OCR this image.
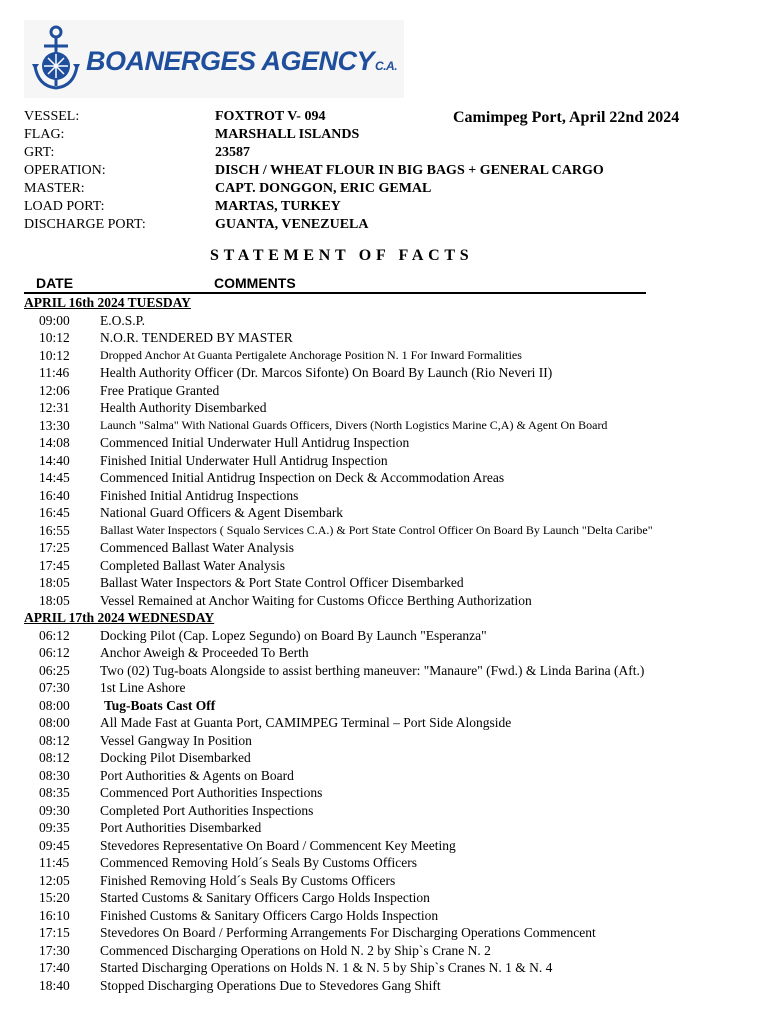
BOANERGES AGENCYC.A.
Camimpeg Port, April 22nd 2024
VESSEL:	FOXTROT V- 094
FLAG:	MARSHALL ISLANDS
GRT:	23587
OPERATION:	DISCH / WHEAT FLOUR IN BIG BAGS + GENERAL CARGO
MASTER:	CAPT. DONGGON, ERIC GEMAL
LOAD PORT:	MARTAS, TURKEY
DISCHARGE PORT:	GUANTA, VENEZUELA
STATEMENT OF FACTS
DATE	COMMENTS
APRIL 16th 2024 TUESDAY
09:00 E.O.S.P.
10:12 N.O.R. TENDERED BY MASTER
10:12	Dropped Anchor At Guanta Pertigalete Anchorage Position N. 1 For Inward Formalities
11:46 Health Authority Officer (Dr. Marcos Sifonte) On Board By Launch (Rio Neveri II)
12:06 Free Pratique Granted
12:31 Health Authority Disembarked
13:30	Launch "Salma" With National Guards Officers, Divers (North Logistics Marine C,A) & Agent On Board
14:08 Commenced Initial Underwater Hull Antidrug Inspection
14:40 Finished Initial Underwater Hull Antidrug Inspection
14:45 Commenced Initial Antidrug Inspection on Deck & Accommodation Areas
16:40 Finished Initial Antidrug Inspections
16:45 National Guard Officers & Agent Disembark
16:55	Ballast Water Inspectors ( Squalo Services C.A.) & Port State Control Officer On Board By Launch "Delta Caribe"
17:25 Commenced Ballast Water Analysis
17:45 Completed Ballast Water Analysis
18:05 Ballast Water Inspectors & Port State Control Officer Disembarked
18:05 Vessel Remained at Anchor Waiting for Customs Oficce Berthing Authorization
APRIL 17th 2024 WEDNESDAY
06:12 Docking Pilot (Cap. Lopez Segundo) on Board By Launch "Esperanza"
06:12 Anchor Aweigh & Proceeded To Berth
06:25 Two (02) Tug-boats Alongside to assist berthing maneuver: "Manaure" (Fwd.) & Linda Barina (Aft.)
07:30 1st Line Ashore
08:00	Tug-Boats Cast Off
08:00 All Made Fast at Guanta Port, CAMIMPEG Terminal – Port Side Alongside
08:12 Vessel Gangway In Position
08:12 Docking Pilot Disembarked
08:30 Port Authorities & Agents on Board
08:35 Commenced Port Authorities Inspections
09:30 Completed Port Authorities Inspections
09:35 Port Authorities Disembarked
09:45 Stevedores Representative On Board / Commencent Key Meeting
11:45 Commenced Removing Hold´s Seals By Customs Officers
12:05 Finished Removing Hold´s Seals By Customs Officers
15:20 Started Customs & Sanitary Officers Cargo Holds Inspection
16:10 Finished Customs & Sanitary Officers Cargo Holds Inspection
17:15 Stevedores On Board / Performing Arrangements For Discharging Operations Commencent
17:30 Commenced Discharging Operations on Hold N. 2 by Ship`s Crane N. 2
17:40 Started Discharging Operations on Holds N. 1 & N. 5 by Ship`s Cranes N. 1 & N. 4
18:40 Stopped Discharging Operations Due to Stevedores Gang Shift
